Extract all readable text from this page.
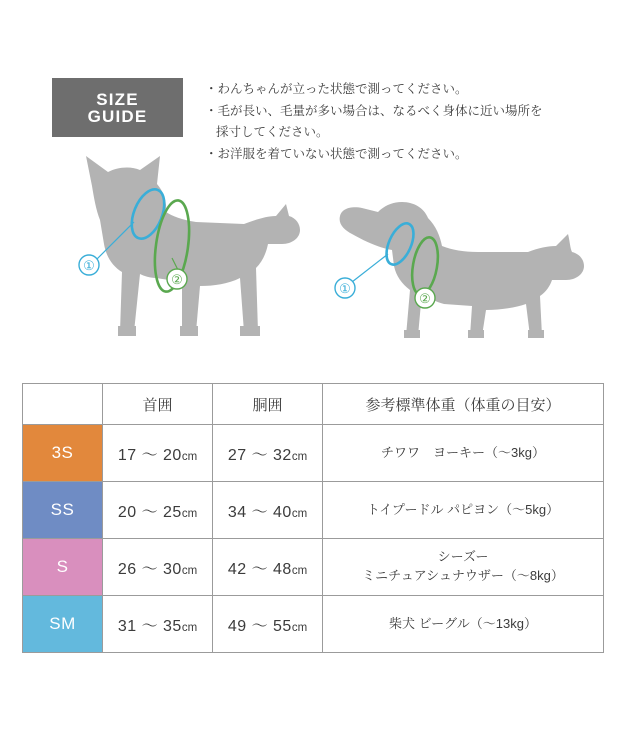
SIZE GUIDE
・わんちゃんが立った状態で測ってください。
・毛が長い、毛量が多い場合は、なるべく身体に近い場所を
採寸してください。
・お洋服を着ていない状態で測ってください。
①
②
①
②
	首囲	胴囲	参考標準体重（体重の目安）
3S	17 ～ 20cm	27 ～ 32cm	チワワ　ヨーキー（～3kg）

SS	20 ～ 25cm	34 ～ 40cm	トイプードル パピヨン（～5kg）

S	26 ～ 30cm	42 ～ 48cm	シーズー
ミニチュアシュナウザー（～8kg）

SM	31 ～ 35cm	49 ～ 55cm	柴犬 ビーグル（～13kg）
